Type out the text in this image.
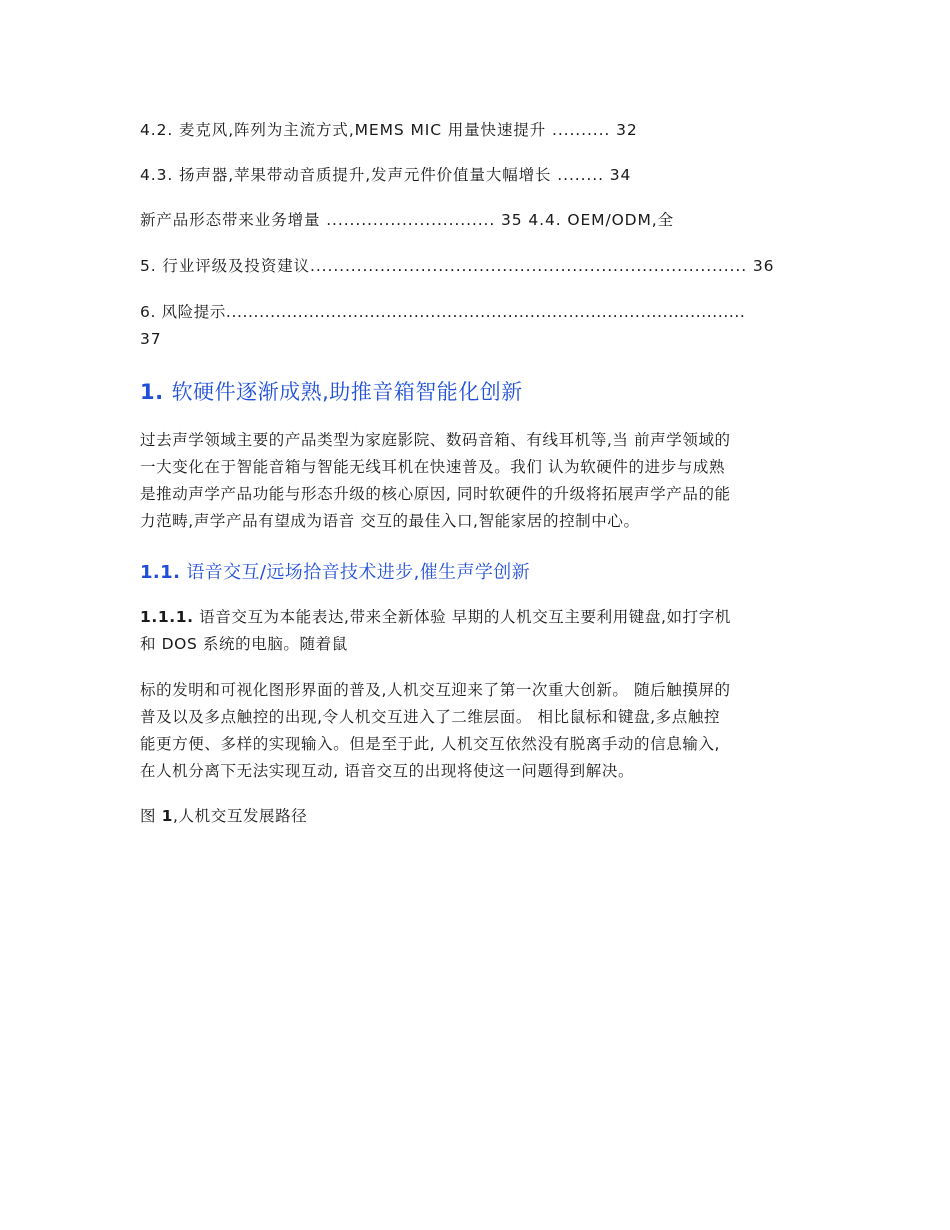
4.2. 麦克风,阵列为主流方式,MEMS MIC 用量快速提升 .......... 32
4.3. 扬声器,苹果带动音质提升,发声元件价值量大幅增长 ........ 34
新产品形态带来业务增量 ............................. 35 4.4. OEM/ODM,全
5. 行业评级及投资建议........................................................................... 36
6. 风险提示..............................................................................................
37
1. 软硬件逐渐成熟,助推音箱智能化创新
过去声学领域主要的产品类型为家庭影院、数码音箱、有线耳机等,当 前声学领域的
一大变化在于智能音箱与智能无线耳机在快速普及。我们 认为软硬件的进步与成熟
是推动声学产品功能与形态升级的核心原因, 同时软硬件的升级将拓展声学产品的能
力范畴,声学产品有望成为语音 交互的最佳入口,智能家居的控制中心。
1.1. 语音交互/远场拾音技术进步,催生声学创新
1.1.1. 语音交互为本能表达,带来全新体验 早期的人机交互主要利用键盘,如打字机
和 DOS 系统的电脑。随着鼠
标的发明和可视化图形界面的普及,人机交互迎来了第一次重大创新。 随后触摸屏的
普及以及多点触控的出现,令人机交互进入了二维层面。 相比鼠标和键盘,多点触控
能更方便、多样的实现输入。但是至于此, 人机交互依然没有脱离手动的信息输入,
在人机分离下无法实现互动, 语音交互的出现将使这一问题得到解决。
图 1,人机交互发展路径
